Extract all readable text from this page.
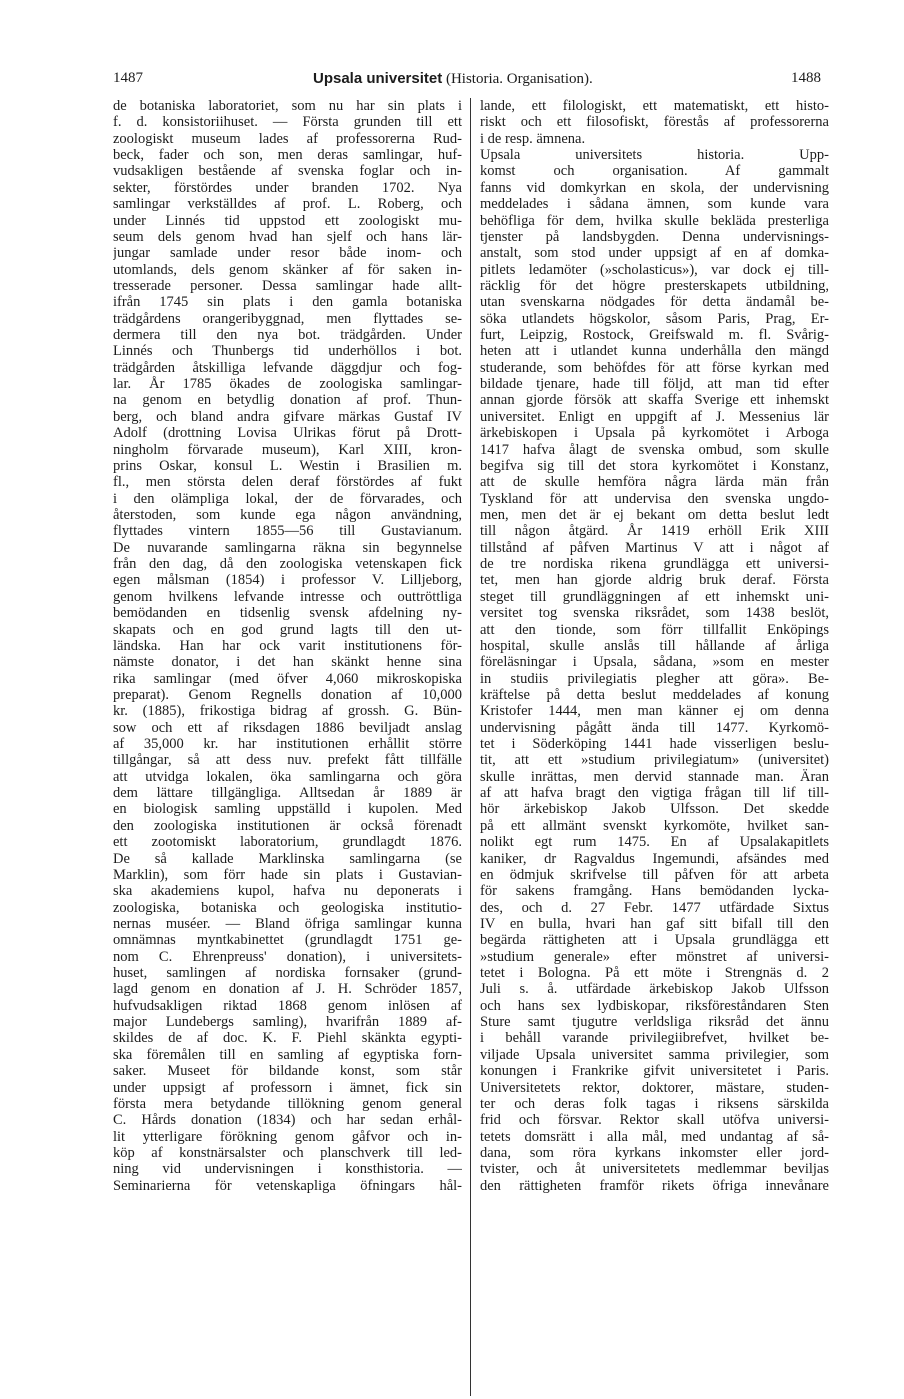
1487	Upsala universitet (Historia. Organisation).	1488
de botaniska laboratoriet, som nu har sin plats i
f. d. konsistoriihuset. — Första grunden till ett
zoologiskt museum lades af professorerna Rud-
beck, fader och son, men deras samlingar, huf-
vudsakligen bestående af svenska foglar och in-
sekter, förstördes under branden 1702. Nya
samlingar verkställdes af prof. L. Roberg, och
under Linnés tid uppstod ett zoologiskt mu-
seum dels genom hvad han sjelf och hans lär-
jungar samlade under resor både inom- och
utomlands, dels genom skänker af för saken in-
tresserade personer. Dessa samlingar hade allt-
ifrån 1745 sin plats i den gamla botaniska
trädgårdens orangeribyggnad, men flyttades se-
dermera till den nya bot. trädgården. Under
Linnés och Thunbergs tid underhöllos i bot.
trädgården åtskilliga lefvande däggdjur och fog-
lar. År 1785 ökades de zoologiska samlingar-
na genom en betydlig donation af prof. Thun-
berg, och bland andra gifvare märkas Gustaf IV
Adolf (drottning Lovisa Ulrikas förut på Drott-
ningholm förvarade museum), Karl XIII, kron-
prins Oskar, konsul L. Westin i Brasilien m.
fl., men största delen deraf förstördes af fukt
i den olämpliga lokal, der de förvarades, och
återstoden, som kunde ega någon användning,
flyttades vintern 1855—56 till Gustavianum.
De nuvarande samlingarna räkna sin begynnelse
från den dag, då den zoologiska vetenskapen fick
egen målsman (1854) i professor V. Lilljeborg,
genom hvilkens lefvande intresse och outtröttliga
bemödanden en tidsenlig svensk afdelning ny-
skapats och en god grund lagts till den ut-
ländska. Han har ock varit institutionens för-
nämste donator, i det han skänkt henne sina
rika samlingar (med öfver 4,060 mikroskopiska
preparat). Genom Regnells donation af 10,000
kr. (1885), frikostiga bidrag af grossh. G. Bün-
sow och ett af riksdagen 1886 beviljadt anslag
af 35,000 kr. har institutionen erhållit större
tillgångar, så att dess nuv. prefekt fått tillfälle
att utvidga lokalen, öka samlingarna och göra
dem lättare tillgängliga. Alltsedan år 1889 är
en biologisk samling uppställd i kupolen. Med
den zoologiska institutionen är också förenadt
ett zootomiskt laboratorium, grundlagdt 1876.
De så kallade Marklinska samlingarna (se
Marklin), som förr hade sin plats i Gustavian-
ska akademiens kupol, hafva nu deponerats i
zoologiska, botaniska och geologiska institutio-
nernas muséer. — Bland öfriga samlingar kunna
omnämnas myntkabinettet (grundlagdt 1751 ge-
nom C. Ehrenpreuss' donation), i universitets-
huset, samlingen af nordiska fornsaker (grund-
lagd genom en donation af J. H. Schröder 1857,
hufvudsakligen riktad 1868 genom inlösen af
major Lundebergs samling), hvarifrån 1889 af-
skildes de af doc. K. F. Piehl skänkta egypti-
ska föremålen till en samling af egyptiska forn-
saker. Museet för bildande konst, som står
under uppsigt af professorn i ämnet, fick sin
första mera betydande tillökning genom general
C. Hårds donation (1834) och har sedan erhål-
lit ytterligare förökning genom gåfvor och in-
köp af konstnärsalster och planschverk till led-
ning vid undervisningen i konsthistoria. —
Seminarierna för vetenskapliga öfningars hål-
lande, ett filologiskt, ett matematiskt, ett histo-
riskt och ett filosofiskt, förestås af professorerna
i de resp. ämnena.
Upsala universitets historia. Upp-
komst och organisation. Af gammalt
fanns vid domkyrkan en skola, der undervisning
meddelades i sådana ämnen, som kunde vara
behöfliga för dem, hvilka skulle bekläda presterliga
tjenster på landsbygden. Denna undervisnings-
anstalt, som stod under uppsigt af en af domka-
pitlets ledamöter (»scholasticus»), var dock ej till-
räcklig för det högre presterskapets utbildning,
utan svenskarna nödgades för detta ändamål be-
söka utlandets högskolor, såsom Paris, Prag, Er-
furt, Leipzig, Rostock, Greifswald m. fl. Svårig-
heten att i utlandet kunna underhålla den mängd
studerande, som behöfdes för att förse kyrkan med
bildade tjenare, hade till följd, att man tid efter
annan gjorde försök att skaffa Sverige ett inhemskt
universitet. Enligt en uppgift af J. Messenius lär
ärkebiskopen i Upsala på kyrkomötet i Arboga
1417 hafva ålagt de svenska ombud, som skulle
begifva sig till det stora kyrkomötet i Konstanz,
att de skulle hemföra några lärda män från
Tyskland för att undervisa den svenska ungdo-
men, men det är ej bekant om detta beslut ledt
till någon åtgärd. År 1419 erhöll Erik XIII
tillstånd af påfven Martinus V att i något af
de tre nordiska rikena grundlägga ett universi-
tet, men han gjorde aldrig bruk deraf. Första
steget till grundläggningen af ett inhemskt uni-
versitet tog svenska riksrådet, som 1438 beslöt,
att den tionde, som förr tillfallit Enköpings
hospital, skulle anslås till hållande af årliga
föreläsningar i Upsala, sådana, »som en mester
in studiis privilegiatis plegher att göra». Be-
kräftelse på detta beslut meddelades af konung
Kristofer 1444, men man känner ej om denna
undervisning pågått ända till 1477. Kyrkomö-
tet i Söderköping 1441 hade visserligen beslu-
tit, att ett »studium privilegiatum» (universitet)
skulle inrättas, men dervid stannade man. Äran
af att hafva bragt den vigtiga frågan till lif till-
hör ärkebiskop Jakob Ulfsson. Det skedde
på ett allmänt svenskt kyrkomöte, hvilket san-
nolikt egt rum 1475. En af Upsalakapitlets
kaniker, dr Ragvaldus Ingemundi, afsändes med
en ödmjuk skrifvelse till påfven för att arbeta
för sakens framgång. Hans bemödanden lycka-
des, och d. 27 Febr. 1477 utfärdade Sixtus
IV en bulla, hvari han gaf sitt bifall till den
begärda rättigheten att i Upsala grundlägga ett
»studium generale» efter mönstret af universi-
tetet i Bologna. På ett möte i Strengnäs d. 2
Juli s. å. utfärdade ärkebiskop Jakob Ulfsson
och hans sex lydbiskopar, riksföreståndaren Sten
Sture samt tjugutre verldsliga riksråd det ännu
i behåll varande privilegiibrefvet, hvilket be-
viljade Upsala universitet samma privilegier, som
konungen i Frankrike gifvit universitetet i Paris.
Universitetets rektor, doktorer, mästare, studen-
ter och deras folk tagas i riksens särskilda
frid och försvar. Rektor skall utöfva universi-
tetets domsrätt i alla mål, med undantag af så-
dana, som röra kyrkans inkomster eller jord-
tvister, och åt universitetets medlemmar beviljas
den rättigheten framför rikets öfriga innevånare
